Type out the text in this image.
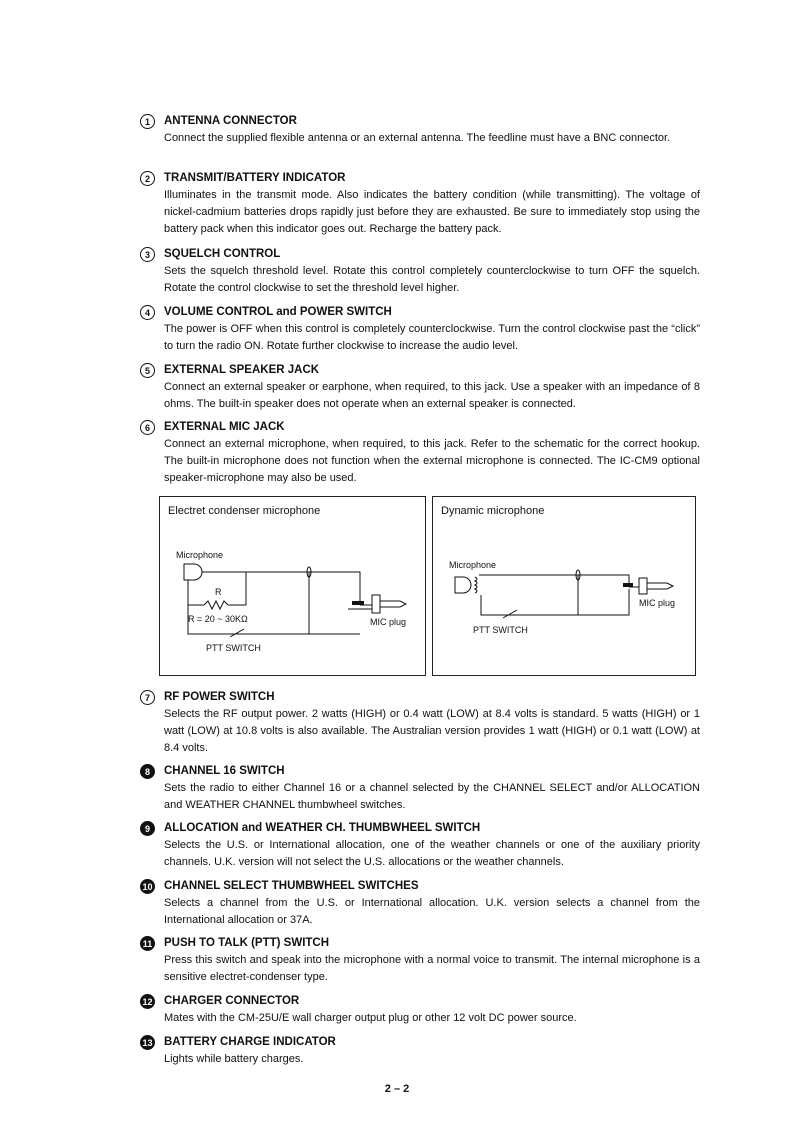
1	ANTENNA CONNECTOR
Connect the supplied flexible antenna or an external antenna. The feedline must have a BNC connector.
2	TRANSMIT/BATTERY INDICATOR
Illuminates in the transmit mode. Also indicates the battery condition (while transmitting). The voltage of nickel-cadmium batteries drops rapidly just before they are exhausted. Be sure to immediately stop using the battery pack when this indicator goes out. Recharge the battery pack.
3	SQUELCH CONTROL
Sets the squelch threshold level. Rotate this control completely counterclockwise to turn OFF the squelch. Rotate the control clockwise to set the threshold level higher.
4	VOLUME CONTROL and POWER SWITCH
The power is OFF when this control is completely counterclockwise. Turn the control clockwise past the “click” to turn the radio ON. Rotate further clockwise to increase the audio level.
5	EXTERNAL SPEAKER JACK
Connect an external speaker or earphone, when required, to this jack. Use a speaker with an impedance of 8 ohms. The built-in speaker does not operate when an external speaker is connected.
6	EXTERNAL MIC JACK
Connect an external microphone, when required, to this jack. Refer to the schematic for the correct hookup. The built-in microphone does not function when the external microphone is connected. The IC-CM9 optional speaker-microphone may also be used.
Electret condenser microphone
Microphone
R
R = 20 ~ 30KΩ	MIC plug
PTT SWITCH
Dynamic microphone
Microphone
MIC plug
PTT SWITCH
7	RF POWER SWITCH
Selects the RF output power. 2 watts (HIGH) or 0.4 watt (LOW) at 8.4 volts is standard. 5 watts (HIGH) or 1 watt (LOW) at 10.8 volts is also available. The Australian version provides 1 watt (HIGH) or 0.1 watt (LOW) at 8.4 volts.
8	CHANNEL 16 SWITCH
Sets the radio to either Channel 16 or a channel selected by the CHANNEL SELECT and/or ALLOCATION and WEATHER CHANNEL thumbwheel switches.
9	ALLOCATION and WEATHER CH. THUMBWHEEL SWITCH
Selects the U.S. or International allocation, one of the weather channels or one of the auxiliary priority channels. U.K. version will not select the U.S. allocations or the weather channels.
10 CHANNEL SELECT THUMBWHEEL SWITCHES
Selects a channel from the U.S. or International allocation. U.K. version selects a channel from the International allocation or 37A.
11 PUSH TO TALK (PTT) SWITCH
Press this switch and speak into the microphone with a normal voice to transmit. The internal microphone is a sensitive electret-condenser type.
12 CHARGER CONNECTOR
Mates with the CM-25U/E wall charger output plug or other 12 volt DC power source.
13 BATTERY CHARGE INDICATOR
Lights while battery charges.
2 – 2
